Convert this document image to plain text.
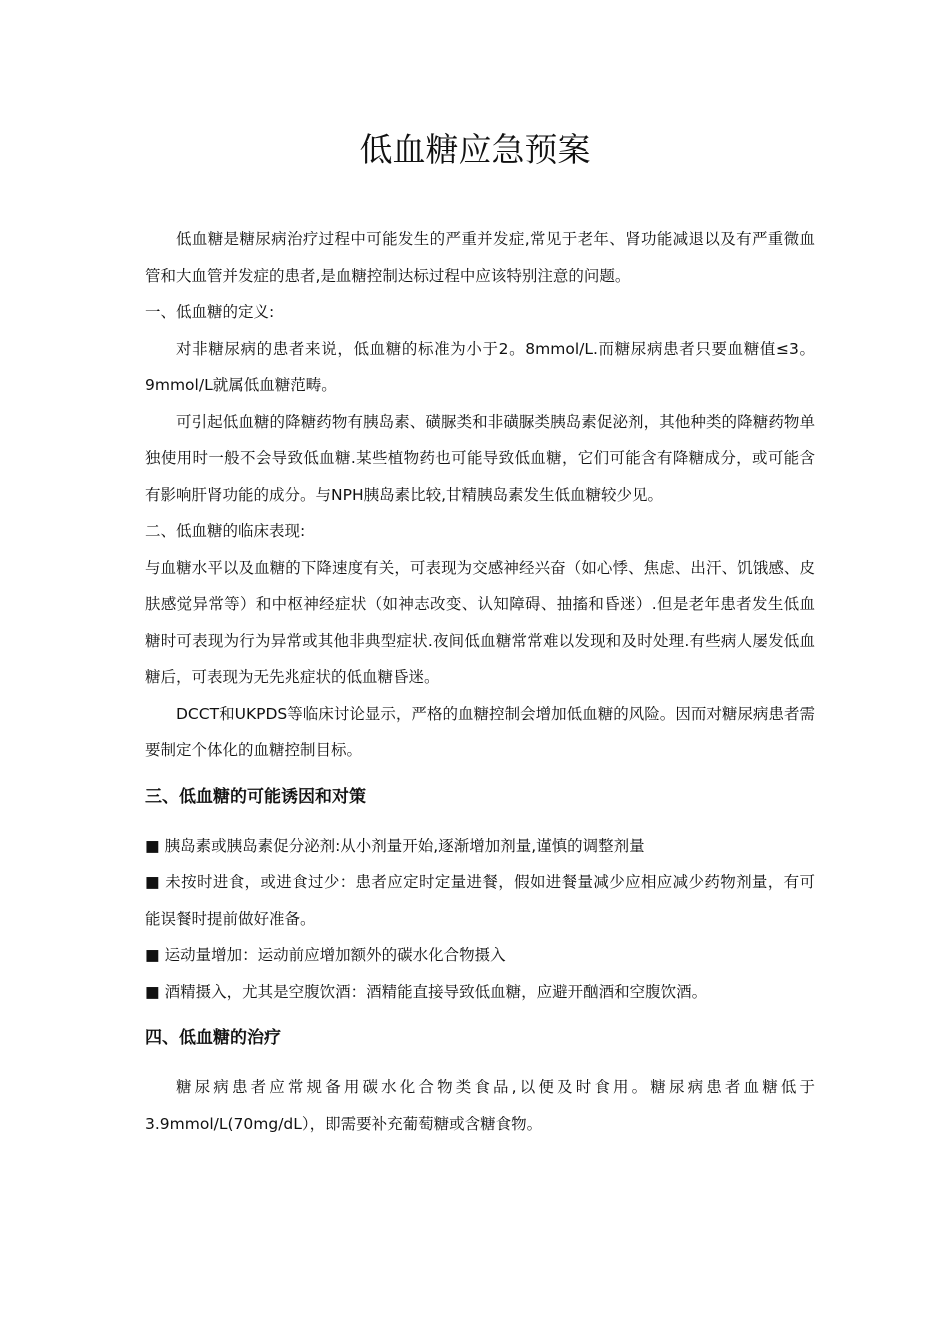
低血糖应急预案

低血糖是糖尿病治疗过程中可能发生的严重并发症,常见于老年、肾功能减退以及有严重微血管和大血管并发症的患者,是血糖控制达标过程中应该特别注意的问题。

一、低血糖的定义:

对非糖尿病的患者来说，低血糖的标准为小于2。8mmol/L.而糖尿病患者只要血糖值≤3。9mmol/L就属低血糖范畴。

可引起低血糖的降糖药物有胰岛素、磺脲类和非磺脲类胰岛素促泌剂，其他种类的降糖药物单独使用时一般不会导致低血糖.某些植物药也可能导致低血糖，它们可能含有降糖成分，或可能含有影响肝肾功能的成分。与NPH胰岛素比较,甘精胰岛素发生低血糖较少见。

二、低血糖的临床表现:

与血糖水平以及血糖的下降速度有关，可表现为交感神经兴奋（如心悸、焦虑、出汗、饥饿感、皮肤感觉异常等）和中枢神经症状（如神志改变、认知障碍、抽搐和昏迷）.但是老年患者发生低血糖时可表现为行为异常或其他非典型症状.夜间低血糖常常难以发现和及时处理.有些病人屡发低血糖后，可表现为无先兆症状的低血糖昏迷。

DCCT和UKPDS等临床讨论显示，严格的血糖控制会增加低血糖的风险。因而对糖尿病患者需要制定个体化的血糖控制目标。

三、低血糖的可能诱因和对策

■ 胰岛素或胰岛素促分泌剂:从小剂量开始,逐渐增加剂量,谨慎的调整剂量

■ 未按时进食，或进食过少：患者应定时定量进餐，假如进餐量减少应相应减少药物剂量，有可能误餐时提前做好准备。

■ 运动量增加：运动前应增加额外的碳水化合物摄入

■ 酒精摄入，尤其是空腹饮酒：酒精能直接导致低血糖，应避开酗酒和空腹饮酒。

四、低血糖的治疗

糖尿病患者应常规备用碳水化合物类食品,以便及时食用。糖尿病患者血糖低于3.9mmol/L(70mg/dL），即需要补充葡萄糖或含糖食物。
